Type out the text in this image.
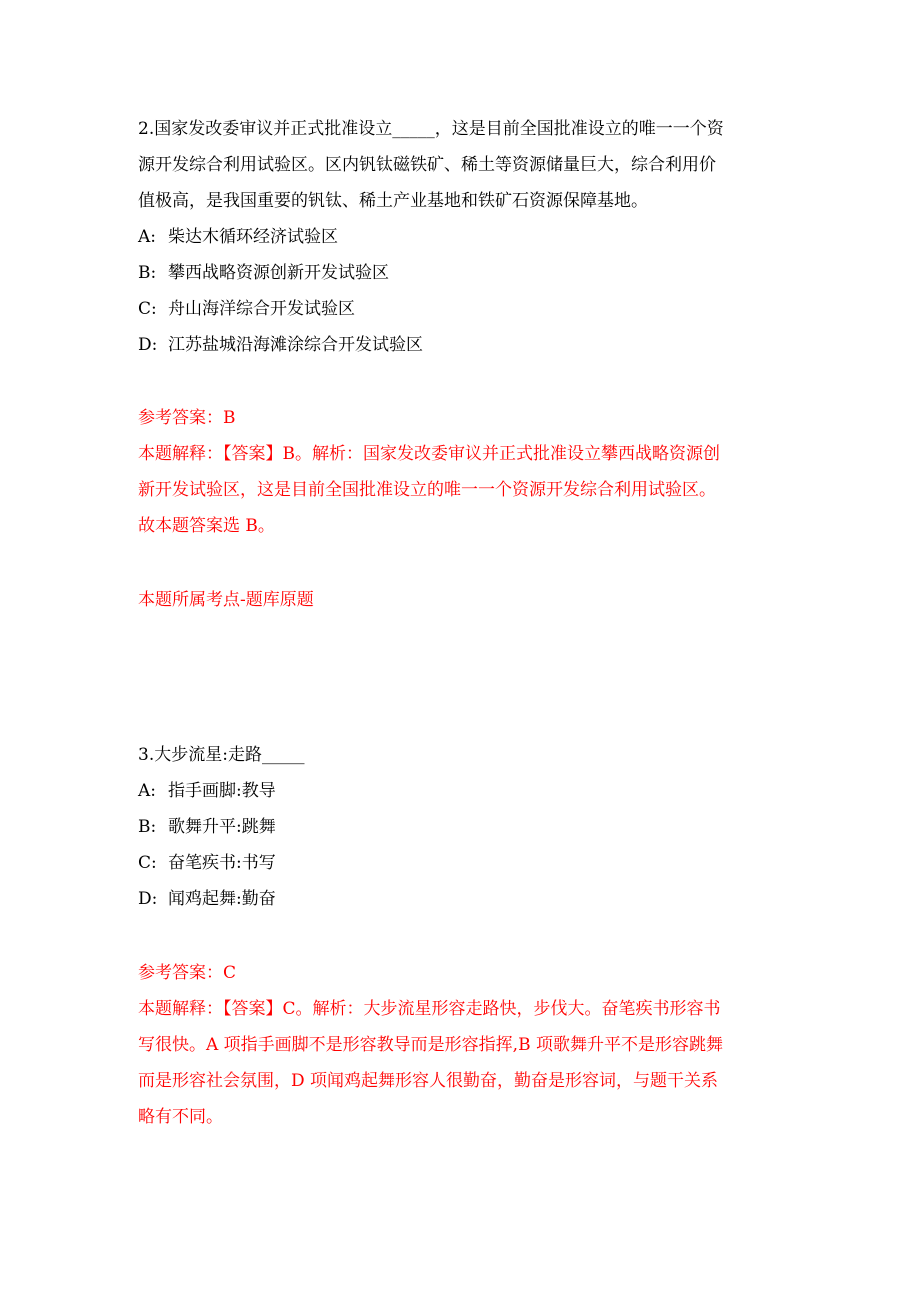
2.国家发改委审议并正式批准设立_____，这是目前全国批准设立的唯一一个资
源开发综合利用试验区。区内钒钛磁铁矿、稀土等资源储量巨大，综合利用价
值极高，是我国重要的钒钛、稀土产业基地和铁矿石资源保障基地。
A: 柴达木循环经济试验区
B: 攀西战略资源创新开发试验区
C: 舟山海洋综合开发试验区
D: 江苏盐城沿海滩涂综合开发试验区
参考答案：B
本题解释：【答案】B。解析：国家发改委审议并正式批准设立攀西战略资源创
新开发试验区，这是目前全国批准设立的唯一一个资源开发综合利用试验区。
故本题答案选 B。
本题所属考点-题库原题
3.大步流星:走路_____
A: 指手画脚:教导
B: 歌舞升平:跳舞
C: 奋笔疾书:书写
D: 闻鸡起舞:勤奋
参考答案：C
本题解释：【答案】C。解析：大步流星形容走路快，步伐大。奋笔疾书形容书
写很快。A 项指手画脚不是形容教导而是形容指挥,B 项歌舞升平不是形容跳舞
而是形容社会氛围，D 项闻鸡起舞形容人很勤奋，勤奋是形容词，与题干关系
略有不同。
